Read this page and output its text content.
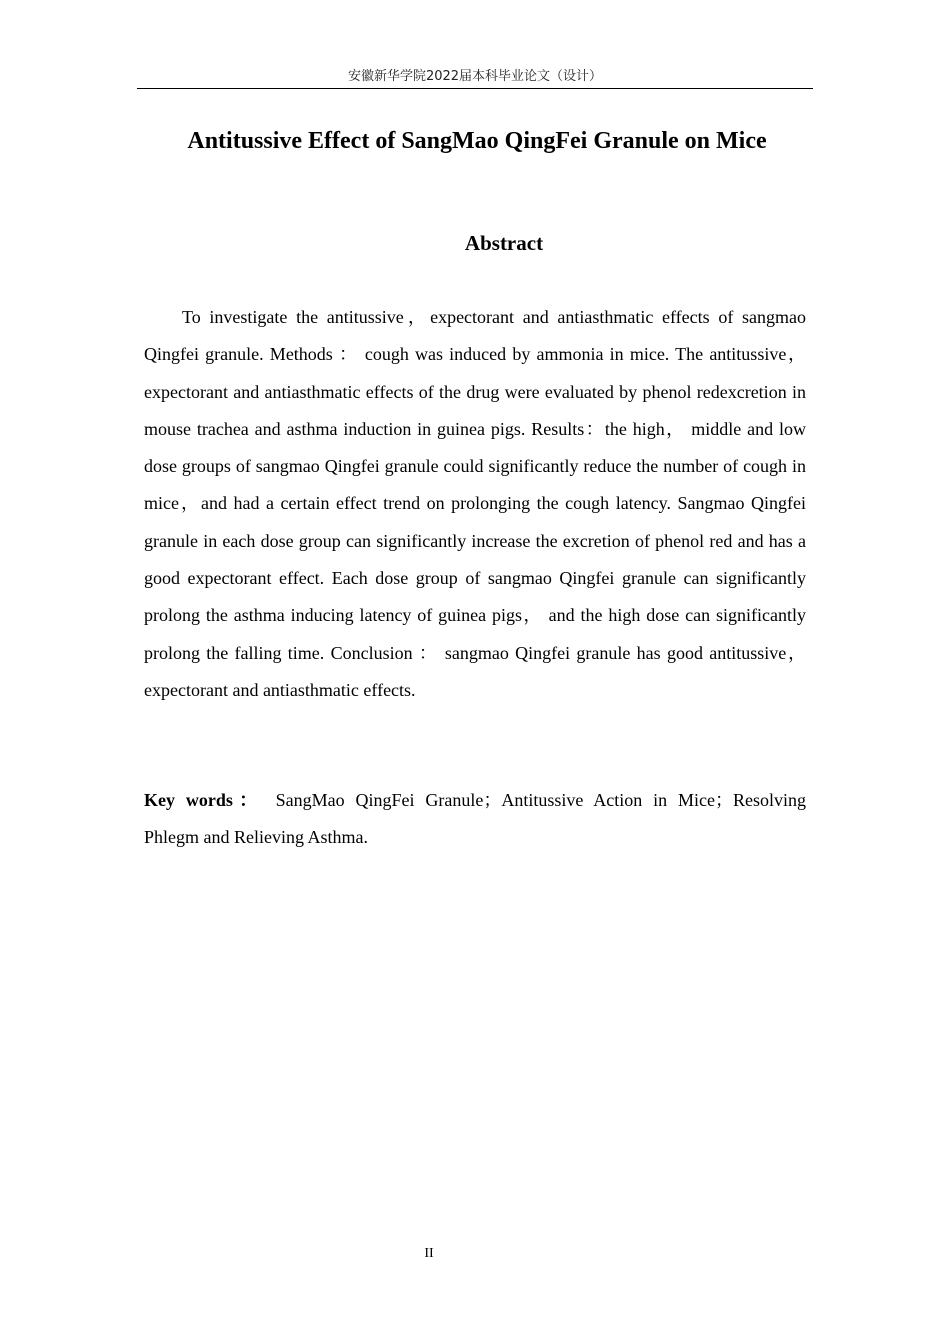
安徽新华学院2022届本科毕业论文（设计）
Antitussive Effect of SangMao QingFei Granule on Mice
Abstract

To investigate the antitussive，expectorant and antiasthmatic effects of sangmao Qingfei granule. Methods ： cough was induced by ammonia in mice. The antitussive， expectorant and antiasthmatic effects of the drug were evaluated by phenol redexcretion in mouse trachea and asthma induction in guinea pigs. Results：the high， middle and low dose groups of sangmao Qingfei granule could significantly reduce the number of cough in mice，and had a certain effect trend on prolonging the cough latency. Sangmao Qingfei granule in each dose group can significantly increase the excretion of phenol red and has a good expectorant effect. Each dose group of sangmao Qingfei granule can significantly prolong the asthma inducing latency of guinea pigs， and the high dose can significantly prolong the falling time. Conclusion ： sangmao Qingfei granule has good antitussive， expectorant and antiasthmatic effects.

Key words： SangMao QingFei Granule；Antitussive Action in Mice；Resolving Phlegm and Relieving Asthma.

II
